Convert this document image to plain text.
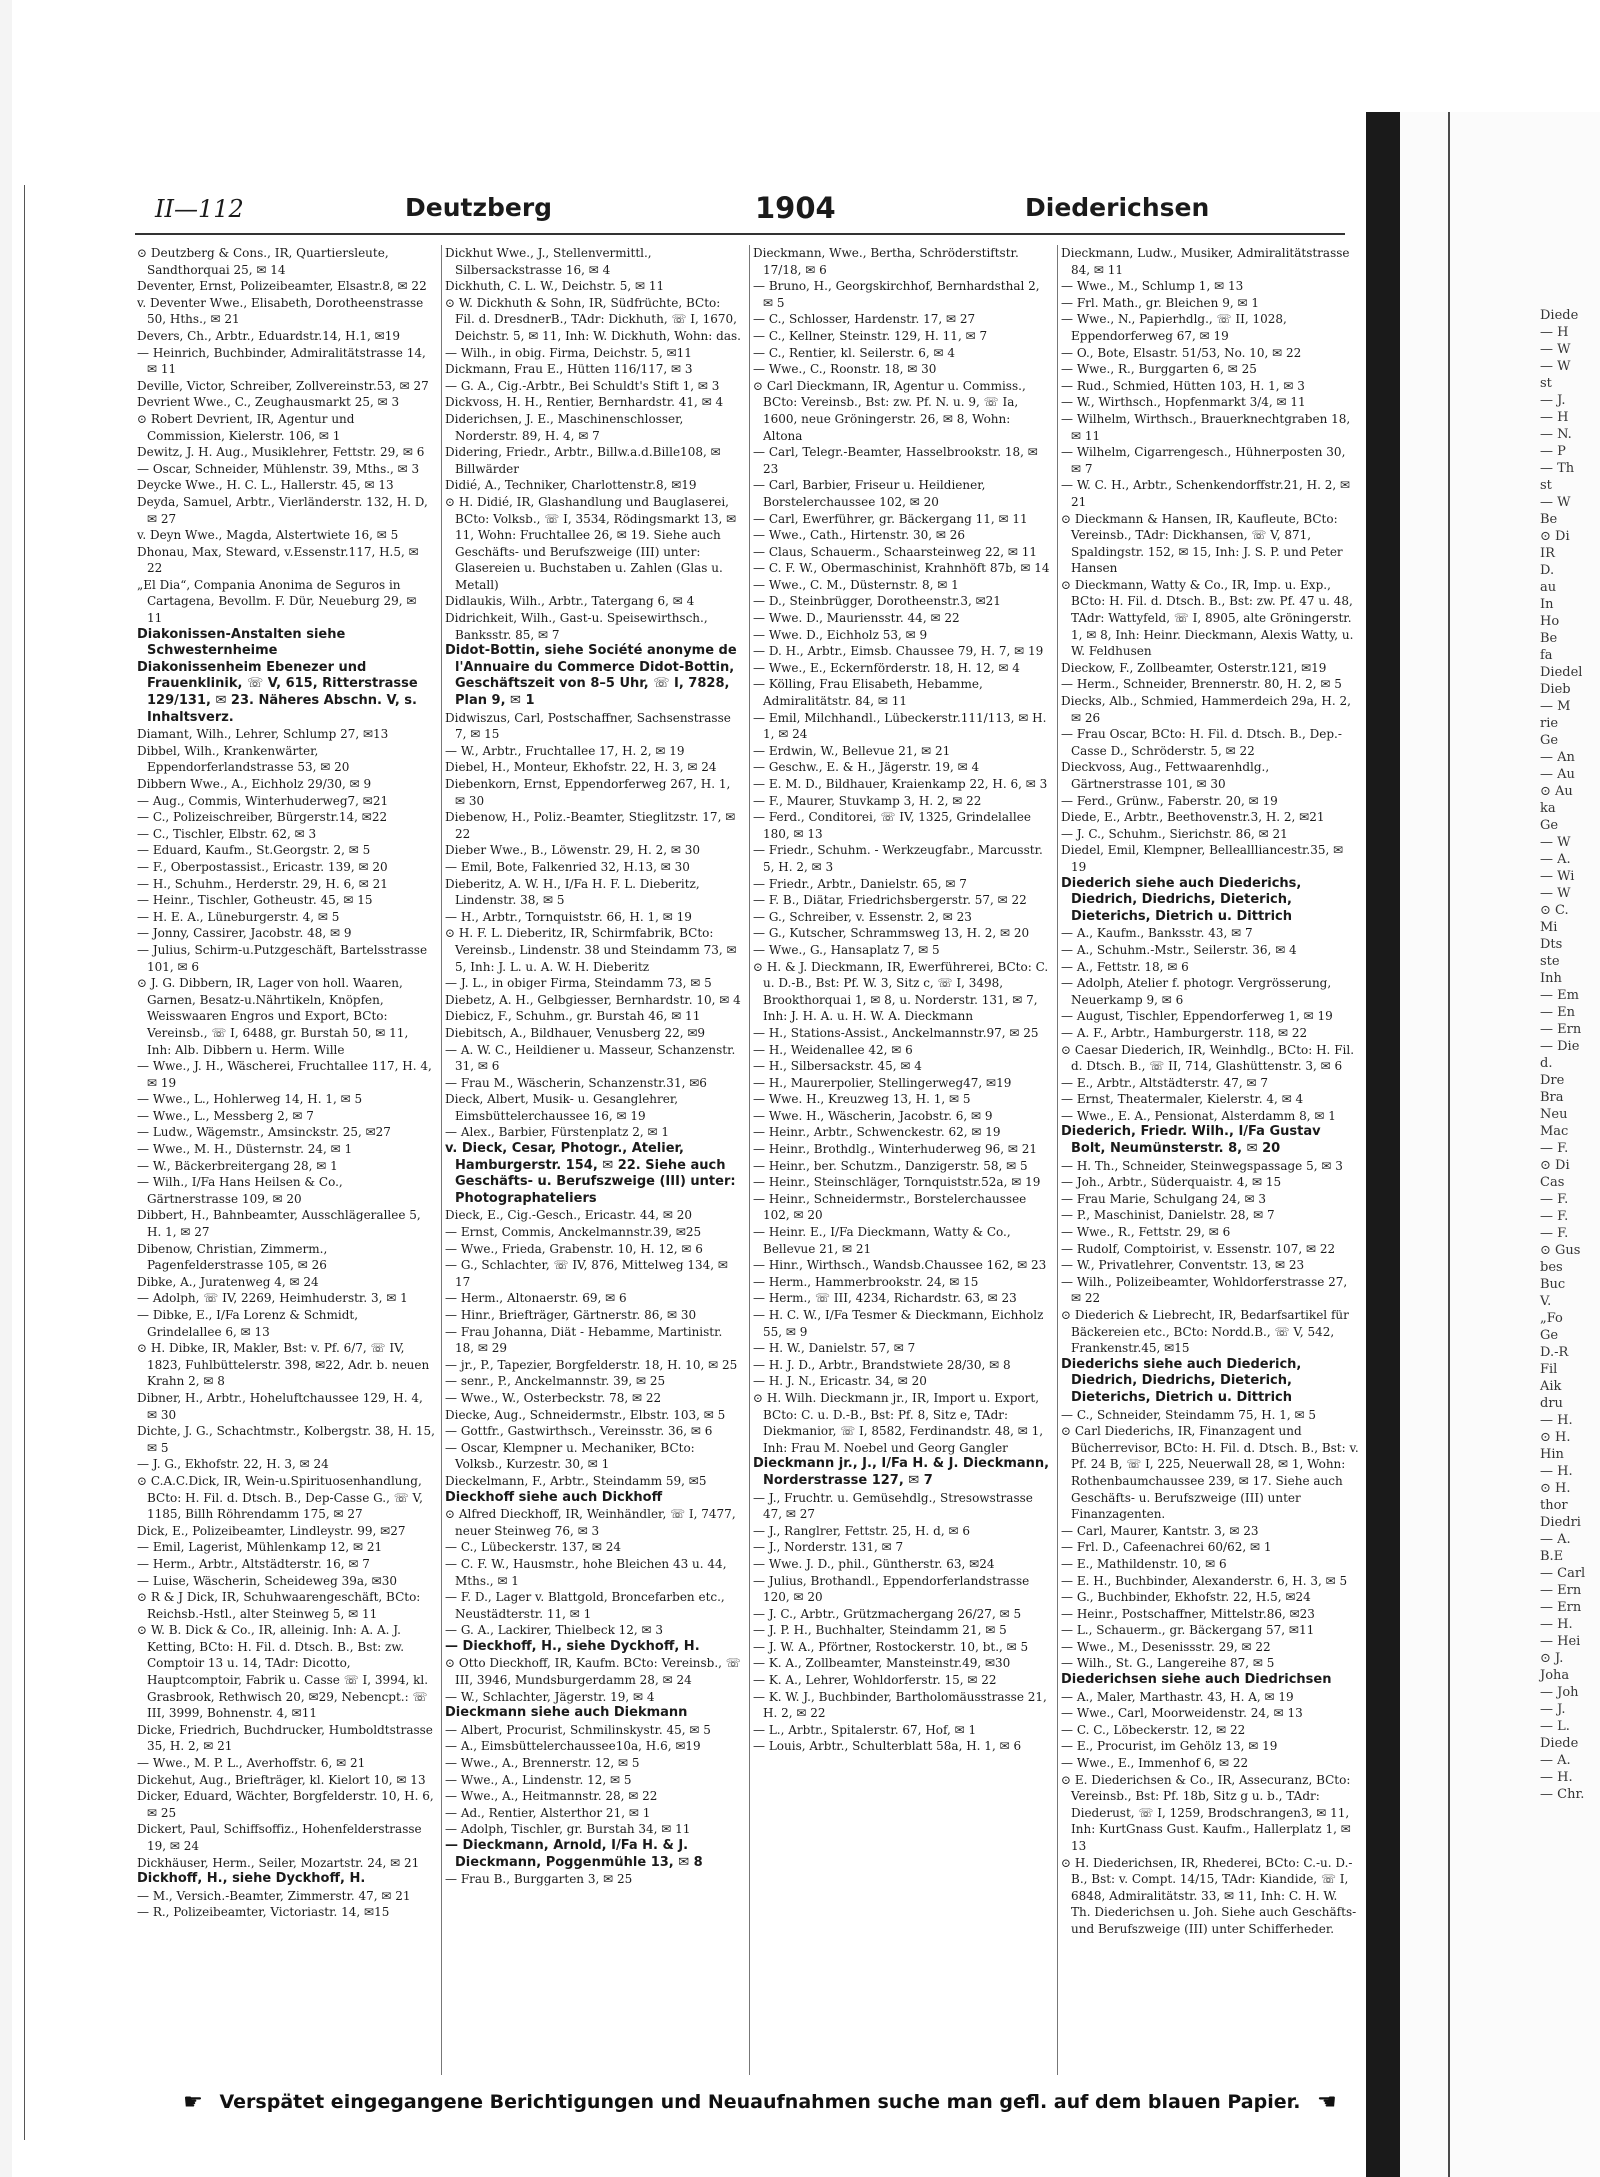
II—112	Deutzberg	1904	Diederichsen

⊙ Deutzberg & Cons., IR, Quartiersleute, Sandthorquai 25, ✉ 14

Deventer, Ernst, Polizeibeamter, Elsastr.8, ✉ 22

v. Deventer Wwe., Elisabeth, Dorotheenstrasse 50, Hths., ✉ 21

Devers, Ch., Arbtr., Eduardstr.14, H.1, ✉19

— Heinrich, Buchbinder, Admiralitätstrasse 14, ✉ 11

Deville, Victor, Schreiber, Zollvereinstr.53, ✉ 27

Devrient Wwe., C., Zeughausmarkt 25, ✉ 3

⊙ Robert Devrient, IR, Agentur und Commission, Kielerstr. 106, ✉ 1

Dewitz, J. H. Aug., Musiklehrer, Fettstr. 29, ✉ 6

— Oscar, Schneider, Mühlenstr. 39, Mths., ✉ 3

Deycke Wwe., H. C. L., Hallerstr. 45, ✉ 13

Deyda, Samuel, Arbtr., Vierländerstr. 132, H. D, ✉ 27

v. Deyn Wwe., Magda, Alstertwiete 16, ✉ 5

Dhonau, Max, Steward, v.Essenstr.117, H.5, ✉ 22

„El Dia“, Compania Anonima de Seguros in Cartagena, Bevollm. F. Dür, Neueburg 29, ✉ 11

Diakonissen-Anstalten siehe Schwesternheime

Diakonissenheim Ebenezer und Frauenklinik, ☏ V, 615, Ritterstrasse 129/131, ✉ 23. Näheres Abschn. V, s. Inhaltsverz.

Diamant, Wilh., Lehrer, Schlump 27, ✉13

Dibbel, Wilh., Krankenwärter, Eppendorferlandstrasse 53, ✉ 20

Dibbern Wwe., A., Eichholz 29/30, ✉ 9

— Aug., Commis, Winterhuderweg7, ✉21

— C., Polizeischreiber, Bürgerstr.14, ✉22

— C., Tischler, Elbstr. 62, ✉ 3

— Eduard, Kaufm., St.Georgstr. 2, ✉ 5

— F., Oberpostassist., Ericastr. 139, ✉ 20

— H., Schuhm., Herderstr. 29, H. 6, ✉ 21

— Heinr., Tischler, Gotheustr. 45, ✉ 15

— H. E. A., Lüneburgerstr. 4, ✉ 5

— Jonny, Cassirer, Jacobstr. 48, ✉ 9

— Julius, Schirm-u.Putzgeschäft, Bartelsstrasse 101, ✉ 6

⊙ J. G. Dibbern, IR, Lager von holl. Waaren, Garnen, Besatz-u.Nährtikeln, Knöpfen, Weisswaaren Engros und Export, BCto: Vereinsb., ☏ I, 6488, gr. Burstah 50, ✉ 11, Inh: Alb. Dibbern u. Herm. Wille

— Wwe., J. H., Wäscherei, Fruchtallee 117, H. 4, ✉ 19

— Wwe., L., Hohlerweg 14, H. 1, ✉ 5

— Wwe., L., Messberg 2, ✉ 7

— Ludw., Wägemstr., Amsinckstr. 25, ✉27

— Wwe., M. H., Düsternstr. 24, ✉ 1

— W., Bäckerbreitergang 28, ✉ 1

— Wilh., I/Fa Hans Heilsen & Co., Gärtnerstrasse 109, ✉ 20

Dibbert, H., Bahnbeamter, Ausschlägerallee 5, H. 1, ✉ 27

Dibenow, Christian, Zimmerm., Pagenfelderstrasse 105, ✉ 26

Dibke, A., Juratenweg 4, ✉ 24

— Adolph, ☏ IV, 2269, Heimhuderstr. 3, ✉ 1

— Dibke, E., I/Fa Lorenz & Schmidt, Grindelallee 6, ✉ 13

⊙ H. Dibke, IR, Makler, Bst: v. Pf. 6/7, ☏ IV, 1823, Fuhlbüttelerstr. 398, ✉22, Adr. b. neuen Krahn 2, ✉ 8

Dibner, H., Arbtr., Hoheluftchaussee 129, H. 4, ✉ 30

Dichte, J. G., Schachtmstr., Kolbergstr. 38, H. 15, ✉ 5

— J. G., Ekhofstr. 22, H. 3, ✉ 24

⊙ C.A.C.Dick, IR, Wein-u.Spirituosenhandlung, BCto: H. Fil. d. Dtsch. B., Dep-Casse G., ☏ V, 1185, Billh Röhrendamm 175, ✉ 27

Dick, E., Polizeibeamter, Lindleystr. 99, ✉27

— Emil, Lagerist, Mühlenkamp 12, ✉ 21

— Herm., Arbtr., Altstädterstr. 16, ✉ 7

— Luise, Wäscherin, Scheideweg 39a, ✉30

⊙ R & J Dick, IR, Schuhwaarengeschäft, BCto: Reichsb.-Hstl., alter Steinweg 5, ✉ 11

⊙ W. B. Dick & Co., IR, alleinig. Inh: A. A. J. Ketting, BCto: H. Fil. d. Dtsch. B., Bst: zw. Comptoir 13 u. 14, TAdr: Dicotto, Hauptcomptoir, Fabrik u. Casse ☏ I, 3994, kl. Grasbrook, Rethwisch 20, ✉29, Nebencpt.: ☏ III, 3999, Bohnenstr. 4, ✉11

Dicke, Friedrich, Buchdrucker, Humboldtstrasse 35, H. 2, ✉ 21

— Wwe., M. P. L., Averhoffstr. 6, ✉ 21

Dickehut, Aug., Briefträger, kl. Kielort 10, ✉ 13

Dicker, Eduard, Wächter, Borgfelderstr. 10, H. 6, ✉ 25

Dickert, Paul, Schiffsoffiz., Hohenfelderstrasse 19, ✉ 24

Dickhäuser, Herm., Seiler, Mozartstr. 24, ✉ 21

Dickhoff, H., siehe Dyckhoff, H.

— M., Versich.-Beamter, Zimmerstr. 47, ✉ 21

— R., Polizeibeamter, Victoriastr. 14, ✉15

Dickhut Wwe., J., Stellenvermittl., Silbersackstrasse 16, ✉ 4

Dickhuth, C. L. W., Deichstr. 5, ✉ 11

⊙ W. Dickhuth & Sohn, IR, Südfrüchte, BCto: Fil. d. DresdnerB., TAdr: Dickhuth, ☏ I, 1670, Deichstr. 5, ✉ 11, Inh: W. Dickhuth, Wohn: das.

— Wilh., in obig. Firma, Deichstr. 5, ✉11

Dickmann, Frau E., Hütten 116/117, ✉ 3

— G. A., Cig.-Arbtr., Bei Schuldt's Stift 1, ✉ 3

Dickvoss, H. H., Rentier, Bernhardstr. 41, ✉ 4

Diderichsen, J. E., Maschinenschlosser, Norderstr. 89, H. 4, ✉ 7

Didering, Friedr., Arbtr., Billw.a.d.Bille108, ✉ Billwärder

Didié, A., Techniker, Charlottenstr.8, ✉19

⊙ H. Didié, IR, Glashandlung und Bauglaserei, BCto: Volksb., ☏ I, 3534, Rödingsmarkt 13, ✉ 11, Wohn: Fruchtallee 26, ✉ 19. Siehe auch Geschäfts- und Berufszweige (III) unter: Glasereien u. Buchstaben u. Zahlen (Glas u. Metall)

Didlaukis, Wilh., Arbtr., Tatergang 6, ✉ 4

Didrichkeit, Wilh., Gast-u. Speisewirthsch., Banksstr. 85, ✉ 7

Didot-Bottin, siehe Société anonyme de l'Annuaire du Commerce Didot-Bottin, Geschäftszeit von 8–5 Uhr, ☏ I, 7828, Plan 9, ✉ 1

Didwiszus, Carl, Postschaffner, Sachsenstrasse 7, ✉ 15

— W., Arbtr., Fruchtallee 17, H. 2, ✉ 19

Diebel, H., Monteur, Ekhofstr. 22, H. 3, ✉ 24

Diebenkorn, Ernst, Eppendorferweg 267, H. 1, ✉ 30

Diebenow, H., Poliz.-Beamter, Stieglitzstr. 17, ✉ 22

Dieber Wwe., B., Löwenstr. 29, H. 2, ✉ 30

— Emil, Bote, Falkenried 32, H.13, ✉ 30

Dieberitz, A. W. H., I/Fa H. F. L. Dieberitz, Lindenstr. 38, ✉ 5

— H., Arbtr., Tornquiststr. 66, H. 1, ✉ 19

⊙ H. F. L. Dieberitz, IR, Schirmfabrik, BCto: Vereinsb., Lindenstr. 38 und Steindamm 73, ✉ 5, Inh: J. L. u. A. W. H. Dieberitz

— J. L., in obiger Firma, Steindamm 73, ✉ 5

Diebetz, A. H., Gelbgiesser, Bernhardstr. 10, ✉ 4

Diebicz, F., Schuhm., gr. Burstah 46, ✉ 11

Diebitsch, A., Bildhauer, Venusberg 22, ✉9

— A. W. C., Heildiener u. Masseur, Schanzenstr. 31, ✉ 6

— Frau M., Wäscherin, Schanzenstr.31, ✉6

Dieck, Albert, Musik- u. Gesanglehrer, Eimsbüttelerchaussee 16, ✉ 19

— Alex., Barbier, Fürstenplatz 2, ✉ 1

v. Dieck, Cesar, Photogr., Atelier, Hamburgerstr. 154, ✉ 22. Siehe auch Geschäfts- u. Berufszweige (III) unter: Photographateliers

Dieck, E., Cig.-Gesch., Ericastr. 44, ✉ 20

— Ernst, Commis, Anckelmannstr.39, ✉25

— Wwe., Frieda, Grabenstr. 10, H. 12, ✉ 6

— G., Schlachter, ☏ IV, 876, Mittelweg 134, ✉ 17

— Herm., Altonaerstr. 69, ✉ 6

— Hinr., Briefträger, Gärtnerstr. 86, ✉ 30

— Frau Johanna, Diät - Hebamme, Martinistr. 18, ✉ 29

— jr., P., Tapezier, Borgfelderstr. 18, H. 10, ✉ 25

— senr., P., Anckelmannstr. 39, ✉ 25

— Wwe., W., Osterbeckstr. 78, ✉ 22

Diecke, Aug., Schneidermstr., Elbstr. 103, ✉ 5

— Gottfr., Gastwirthsch., Vereinsstr. 36, ✉ 6

— Oscar, Klempner u. Mechaniker, BCto: Volksb., Kurzestr. 30, ✉ 1

Dieckelmann, F., Arbtr., Steindamm 59, ✉5

Dieckhoff siehe auch Dickhoff

⊙ Alfred Dieckhoff, IR, Weinhändler, ☏ I, 7477, neuer Steinweg 76, ✉ 3

— C., Lübeckerstr. 137, ✉ 24

— C. F. W., Hausmstr., hohe Bleichen 43 u. 44, Mths., ✉ 1

— F. D., Lager v. Blattgold, Broncefarben etc., Neustädterstr. 11, ✉ 1

— G. A., Lackirer, Thielbeck 12, ✉ 3

— Dieckhoff, H., siehe Dyckhoff, H.

⊙ Otto Dieckhoff, IR, Kaufm. BCto: Vereinsb., ☏ III, 3946, Mundsburgerdamm 28, ✉ 24

— W., Schlachter, Jägerstr. 19, ✉ 4

Dieckmann siehe auch Diekmann

— Albert, Procurist, Schmilinskystr. 45, ✉ 5

— A., Eimsbüttelerchaussee10a, H.6, ✉19

— Wwe., A., Brennerstr. 12, ✉ 5

— Wwe., A., Lindenstr. 12, ✉ 5

— Wwe., A., Heitmannstr. 28, ✉ 22

— Ad., Rentier, Alsterthor 21, ✉ 1

— Adolph, Tischler, gr. Burstah 34, ✉ 11

— Dieckmann, Arnold, I/Fa H. & J. Dieckmann, Poggenmühle 13, ✉ 8

— Frau B., Burggarten 3, ✉ 25

Dieckmann, Wwe., Bertha, Schröderstiftstr. 17/18, ✉ 6

— Bruno, H., Georgskirchhof, Bernhardsthal 2, ✉ 5

— C., Schlosser, Hardenstr. 17, ✉ 27

— C., Kellner, Steinstr. 129, H. 11, ✉ 7

— C., Rentier, kl. Seilerstr. 6, ✉ 4

— Wwe., C., Roonstr. 18, ✉ 30

⊙ Carl Dieckmann, IR, Agentur u. Commiss., BCto: Vereinsb., Bst: zw. Pf. N. u. 9, ☏ Ia, 1600, neue Gröningerstr. 26, ✉ 8, Wohn: Altona

— Carl, Telegr.-Beamter, Hasselbrookstr. 18, ✉ 23

— Carl, Barbier, Friseur u. Heildiener, Borstelerchaussee 102, ✉ 20

— Carl, Ewerführer, gr. Bäckergang 11, ✉ 11

— Wwe., Cath., Hirtenstr. 30, ✉ 26

— Claus, Schauerm., Schaarsteinweg 22, ✉ 11

— C. F. W., Obermaschinist, Krahnhöft 87b, ✉ 14

— Wwe., C. M., Düsternstr. 8, ✉ 1

— D., Steinbrügger, Dorotheenstr.3, ✉21

— Wwe. D., Mauriensstr. 44, ✉ 22

— Wwe. D., Eichholz 53, ✉ 9

— D. H., Arbtr., Eimsb. Chaussee 79, H. 7, ✉ 19

— Wwe., E., Eckernförderstr. 18, H. 12, ✉ 4

— Kölling, Frau Elisabeth, Hebamme, Admiralitätstr. 84, ✉ 11

— Emil, Milchhandl., Lübeckerstr.111/113, ✉ H. 1, ✉ 24

— Erdwin, W., Bellevue 21, ✉ 21

— Geschw., E. & H., Jägerstr. 19, ✉ 4

— E. M. D., Bildhauer, Kraienkamp 22, H. 6, ✉ 3

— F., Maurer, Stuvkamp 3, H. 2, ✉ 22

— Ferd., Conditorei, ☏ IV, 1325, Grindelallee 180, ✉ 13

— Friedr., Schuhm. - Werkzeugfabr., Marcusstr. 5, H. 2, ✉ 3

— Friedr., Arbtr., Danielstr. 65, ✉ 7

— F. B., Diätar, Friedrichsbergerstr. 57, ✉ 22

— G., Schreiber, v. Essenstr. 2, ✉ 23

— G., Kutscher, Schrammsweg 13, H. 2, ✉ 20

— Wwe., G., Hansaplatz 7, ✉ 5

⊙ H. & J. Dieckmann, IR, Ewerführerei, BCto: C. u. D.-B., Bst: Pf. W. 3, Sitz c, ☏ I, 3498, Brookthorquai 1, ✉ 8, u. Norderstr. 131, ✉ 7, Inh: J. H. A. u. H. W. A. Dieckmann

— H., Stations-Assist., Anckelmannstr.97, ✉ 25

— H., Weidenallee 42, ✉ 6

— H., Silbersackstr. 45, ✉ 4

— H., Maurerpolier, Stellingerweg47, ✉19

— Wwe. H., Kreuzweg 13, H. 1, ✉ 5

— Wwe. H., Wäscherin, Jacobstr. 6, ✉ 9

— Heinr., Arbtr., Schwenckestr. 62, ✉ 19

— Heinr., Brothdlg., Winterhuderweg 96, ✉ 21

— Heinr., ber. Schutzm., Danzigerstr. 58, ✉ 5

— Heinr., Steinschläger, Tornquiststr.52a, ✉ 19

— Heinr., Schneidermstr., Borstelerchaussee 102, ✉ 20

— Heinr. E., I/Fa Dieckmann, Watty & Co., Bellevue 21, ✉ 21

— Hinr., Wirthsch., Wandsb.Chaussee 162, ✉ 23

— Herm., Hammerbrookstr. 24, ✉ 15

— Herm., ☏ III, 4234, Richardstr. 63, ✉ 23

— H. C. W., I/Fa Tesmer & Dieckmann, Eichholz 55, ✉ 9

— H. W., Danielstr. 57, ✉ 7

— H. J. D., Arbtr., Brandstwiete 28/30, ✉ 8

— H. J. N., Ericastr. 34, ✉ 20

⊙ H. Wilh. Dieckmann jr., IR, Import u. Export, BCto: C. u. D.-B., Bst: Pf. 8, Sitz e, TAdr: Diekmanior, ☏ I, 8582, Ferdinandstr. 48, ✉ 1, Inh: Frau M. Noebel und Georg Gangler

Dieckmann jr., J., I/Fa H. & J. Dieckmann, Norderstrasse 127, ✉ 7

— J., Fruchtr. u. Gemüsehdlg., Stresowstrasse 47, ✉ 27

— J., Ranglrer, Fettstr. 25, H. d, ✉ 6

— J., Norderstr. 131, ✉ 7

— Wwe. J. D., phil., Güntherstr. 63, ✉24

— Julius, Brothandl., Eppendorferlandstrasse 120, ✉ 20

— J. C., Arbtr., Grützmachergang 26/27, ✉ 5

— J. P. H., Buchhalter, Steindamm 21, ✉ 5

— J. W. A., Pförtner, Rostockerstr. 10, bt., ✉ 5

— K. A., Zollbeamter, Mansteinstr.49, ✉30

— K. A., Lehrer, Wohldorferstr. 15, ✉ 22

— K. W. J., Buchbinder, Bartholomäusstrasse 21, H. 2, ✉ 22

— L., Arbtr., Spitalerstr. 67, Hof, ✉ 1

— Louis, Arbtr., Schulterblatt 58a, H. 1, ✉ 6

Dieckmann, Ludw., Musiker, Admiralitätstrasse 84, ✉ 11

— Wwe., M., Schlump 1, ✉ 13

— Frl. Math., gr. Bleichen 9, ✉ 1

— Wwe., N., Papierhdlg., ☏ II, 1028, Eppendorferweg 67, ✉ 19

— O., Bote, Elsastr. 51/53, No. 10, ✉ 22

— Wwe., R., Burggarten 6, ✉ 25

— Rud., Schmied, Hütten 103, H. 1, ✉ 3

— W., Wirthsch., Hopfenmarkt 3/4, ✉ 11

— Wilhelm, Wirthsch., Brauerknechtgraben 18, ✉ 11

— Wilhelm, Cigarrengesch., Hühnerposten 30, ✉ 7

— W. C. H., Arbtr., Schenkendorffstr.21, H. 2, ✉ 21

⊙ Dieckmann & Hansen, IR, Kaufleute, BCto: Vereinsb., TAdr: Dickhansen, ☏ V, 871, Spaldingstr. 152, ✉ 15, Inh: J. S. P. und Peter Hansen

⊙ Dieckmann, Watty & Co., IR, Imp. u. Exp., BCto: H. Fil. d. Dtsch. B., Bst: zw. Pf. 47 u. 48, TAdr: Wattyfeld, ☏ I, 8905, alte Gröningerstr. 1, ✉ 8, Inh: Heinr. Dieckmann, Alexis Watty, u. W. Feldhusen

Dieckow, F., Zollbeamter, Osterstr.121, ✉19

— Herm., Schneider, Brennerstr. 80, H. 2, ✉ 5

Diecks, Alb., Schmied, Hammerdeich 29a, H. 2, ✉ 26

— Frau Oscar, BCto: H. Fil. d. Dtsch. B., Dep.-Casse D., Schröderstr. 5, ✉ 22

Dieckvoss, Aug., Fettwaarenhdlg., Gärtnerstrasse 101, ✉ 30

— Ferd., Grünw., Faberstr. 20, ✉ 19

Diede, E., Arbtr., Beethovenstr.3, H. 2, ✉21

— J. C., Schuhm., Sierichstr. 86, ✉ 21

Diedel, Emil, Klempner, Belleallliancestr.35, ✉ 19

Diederich siehe auch Diederichs, Diedrich, Diedrichs, Dieterich, Dieterichs, Dietrich u. Dittrich

— A., Kaufm., Banksstr. 43, ✉ 7

— A., Schuhm.-Mstr., Seilerstr. 36, ✉ 4

— A., Fettstr. 18, ✉ 6

— Adolph, Atelier f. photogr. Vergrösserung, Neuerkamp 9, ✉ 6

— August, Tischler, Eppendorferweg 1, ✉ 19

— A. F., Arbtr., Hamburgerstr. 118, ✉ 22

⊙ Caesar Diederich, IR, Weinhdlg., BCto: H. Fil. d. Dtsch. B., ☏ II, 714, Glashüttenstr. 3, ✉ 6

— E., Arbtr., Altstädterstr. 47, ✉ 7

— Ernst, Theatermaler, Kielerstr. 4, ✉ 4

— Wwe., E. A., Pensionat, Alsterdamm 8, ✉ 1

Diederich, Friedr. Wilh., I/Fa Gustav Bolt, Neumünsterstr. 8, ✉ 20

— H. Th., Schneider, Steinwegspassage 5, ✉ 3

— Joh., Arbtr., Süderquaistr. 4, ✉ 15

— Frau Marie, Schulgang 24, ✉ 3

— P., Maschinist, Danielstr. 28, ✉ 7

— Wwe., R., Fettstr. 29, ✉ 6

— Rudolf, Comptoirist, v. Essenstr. 107, ✉ 22

— W., Privatlehrer, Conventstr. 13, ✉ 23

— Wilh., Polizeibeamter, Wohldorferstrasse 27, ✉ 22

⊙ Diederich & Liebrecht, IR, Bedarfsartikel für Bäckereien etc., BCto: Nordd.B., ☏ V, 542, Frankenstr.45, ✉15

Diederichs siehe auch Diederich, Diedrich, Diedrichs, Dieterich, Dieterichs, Dietrich u. Dittrich

— C., Schneider, Steindamm 75, H. 1, ✉ 5

⊙ Carl Diederichs, IR, Finanzagent und Bücherrevisor, BCto: H. Fil. d. Dtsch. B., Bst: v. Pf. 24 B, ☏ I, 225, Neuerwall 28, ✉ 1, Wohn: Rothenbaumchaussee 239, ✉ 17. Siehe auch Geschäfts- u. Berufszweige (III) unter Finanzagenten.

— Carl, Maurer, Kantstr. 3, ✉ 23

— Frl. D., Cafeenachrei 60/62, ✉ 1

— E., Mathildenstr. 10, ✉ 6

— E. H., Buchbinder, Alexanderstr. 6, H. 3, ✉ 5

— G., Buchbinder, Ekhofstr. 22, H.5, ✉24

— Heinr., Postschaffner, Mittelstr.86, ✉23

— L., Schauerm., gr. Bäckergang 57, ✉11

— Wwe., M., Desenissstr. 29, ✉ 22

— Wilh., St. G., Langereihe 87, ✉ 5

Diederichsen siehe auch Diedrichsen

— A., Maler, Marthastr. 43, H. A, ✉ 19

— Wwe., Carl, Moorweidenstr. 24, ✉ 13

— C. C., Löbeckerstr. 12, ✉ 22

— E., Procurist, im Gehölz 13, ✉ 19

— Wwe., E., Immenhof 6, ✉ 22

⊙ E. Diederichsen & Co., IR, Assecuranz, BCto: Vereinsb., Bst: Pf. 18b, Sitz g u. b., TAdr: Diederust, ☏ I, 1259, Brodschrangen3, ✉ 11, Inh: KurtGnass Gust. Kaufm., Hallerplatz 1, ✉ 13

⊙ H. Diederichsen, IR, Rhederei, BCto: C.-u. D.-B., Bst: v. Compt. 14/15, TAdr: Kiandide, ☏ I, 6848, Admiralitätstr. 33, ✉ 11, Inh: C. H. W. Th. Diederichsen u. Joh. Siehe auch Geschäfts- und Berufszweige (III) unter Schifferheder.

☛ Verspätet eingegangene Berichtigungen und Neuaufnahmen suche man gefl. auf dem blauen Papier. ☛
Diede
— H
— W
— W
st
— J.
— H
— N.
— P
— Th
st
— W
Be
⊙ Di
IR
D.
au
In
Ho
Be
fa
Diedel
Dieb
— M
rie
Ge
— An
— Au
⊙ Au
ka
Ge
— W
— A.
— Wi
— W
⊙ C.
Mi
Dts
ste
Inh
— Em
— En
— Ern
— Die
d.
Dre
Bra
Neu
Mac
— F.
⊙ Di
Cas
— F.
— F.
— F.
⊙ Gus
bes
Buc
V.
„Fo
Ge
D.-R
Fil
Aik
dru
— H.
⊙ H.
Hin
— H.
⊙ H.
thor
Diedri
— A.
B.E
— Carl
— Ern
— Ern
— H.
— Hei
⊙ J.
Joha
— Joh
— J.
— L.
Diede
— A.
— H.
— Chr.
